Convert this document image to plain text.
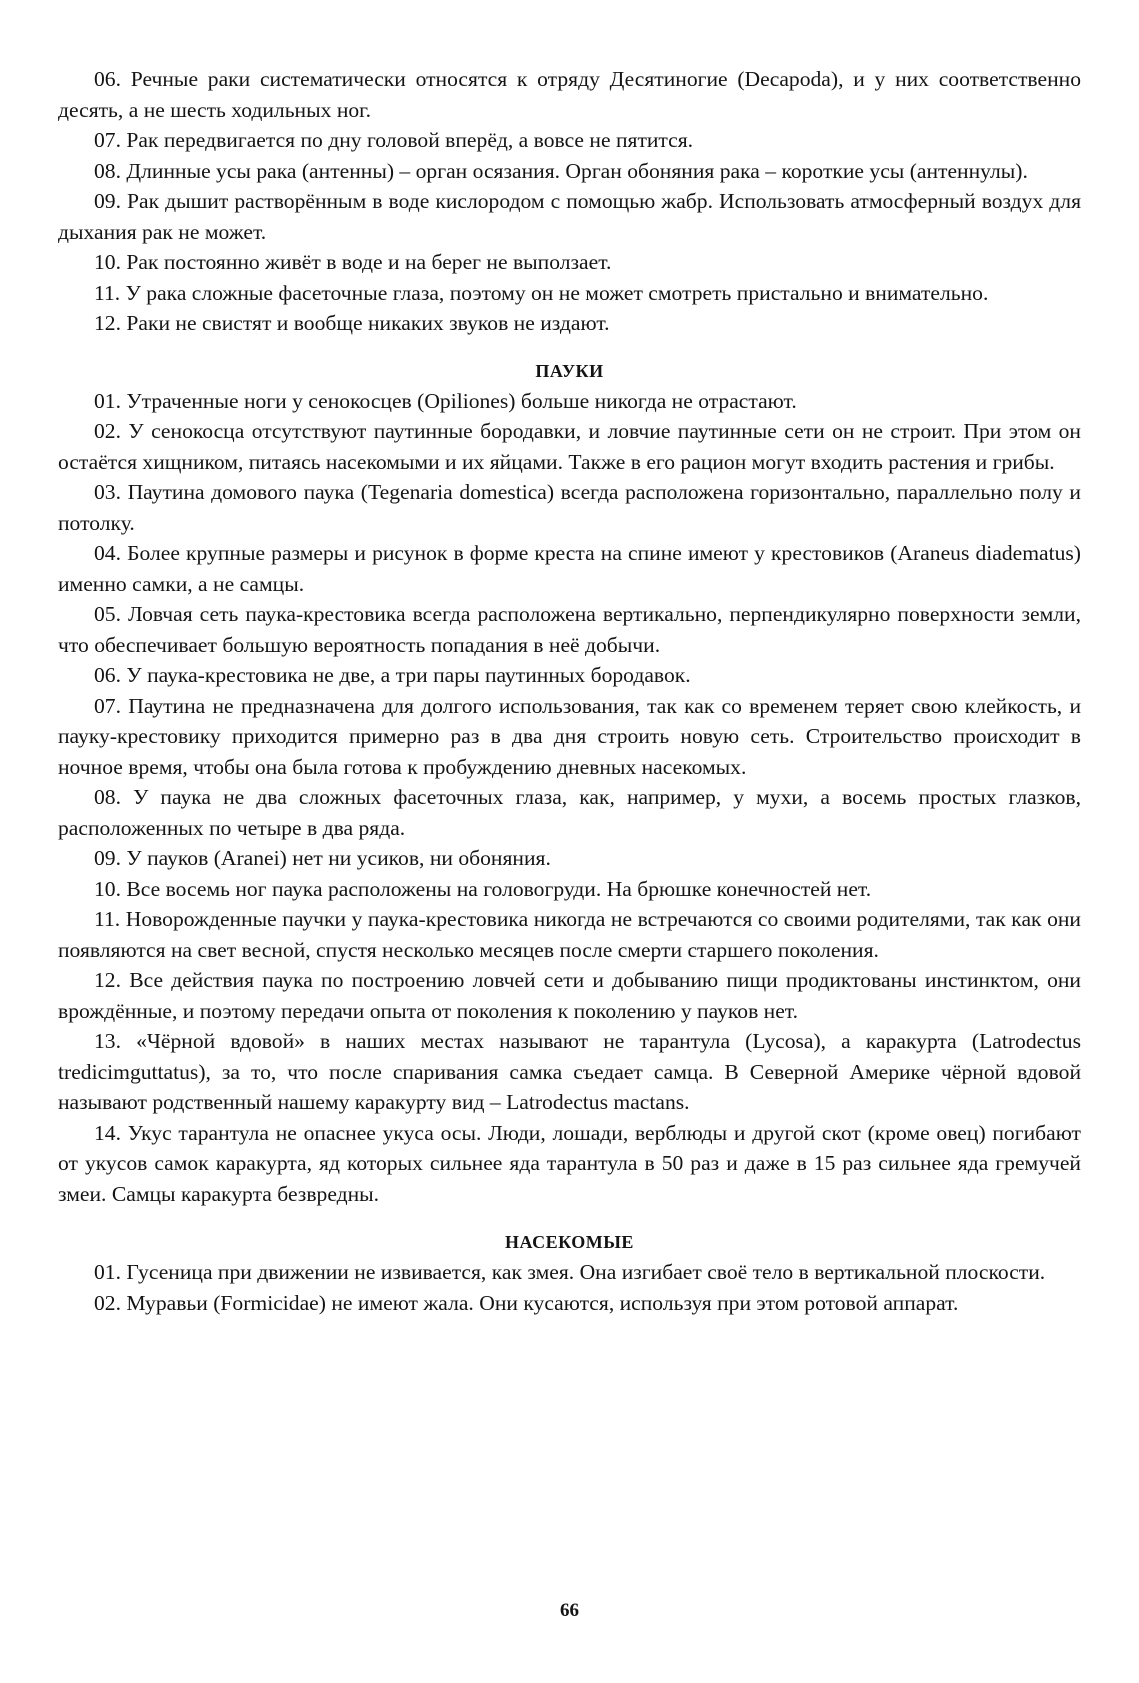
06. Речные раки систематически относятся к отряду Десятиногие (Decapoda), и у них соответственно десять, а не шесть ходильных ног.

07. Рак передвигается по дну головой вперёд, а вовсе не пятится.

08. Длинные усы рака (антенны) – орган осязания. Орган обоняния рака – короткие усы (антеннулы).

09. Рак дышит растворённым в воде кислородом с помощью жабр. Использовать атмосферный воздух для дыхания рак не может.

10. Рак постоянно живёт в воде и на берег не выползает.

11. У рака сложные фасеточные глаза, поэтому он не может смотреть пристально и внимательно.

12. Раки не свистят и вообще никаких звуков не издают.

ПАУКИ

01. Утраченные ноги у сенокосцев (Opiliones) больше никогда не отрастают.

02. У сенокосца отсутствуют паутинные бородавки, и ловчие паутинные сети он не строит. При этом он остаётся хищником, питаясь насекомыми и их яйцами. Также в его рацион могут входить растения и грибы.

03. Паутина домового паука (Tegenaria domestica) всегда расположена горизонтально, параллельно полу и потолку.

04. Более крупные размеры и рисунок в форме креста на спине имеют у крестовиков (Araneus diadematus) именно самки, а не самцы.

05. Ловчая сеть паука-крестовика всегда расположена вертикально, перпендикулярно поверхности земли, что обеспечивает большую вероятность попадания в неё добычи.

06. У паука-крестовика не две, а три пары паутинных бородавок.

07. Паутина не предназначена для долгого использования, так как со временем теряет свою клейкость, и пауку-крестовику приходится примерно раз в два дня строить новую сеть. Строительство происходит в ночное время, чтобы она была готова к пробуждению дневных насекомых.

08. У паука не два сложных фасеточных глаза, как, например, у мухи, а восемь простых глазков, расположенных по четыре в два ряда.

09. У пауков (Aranei) нет ни усиков, ни обоняния.

10. Все восемь ног паука расположены на головогруди. На брюшке конечностей нет.

11. Новорожденные паучки у паука-крестовика никогда не встречаются со своими родителями, так как они появляются на свет весной, спустя несколько месяцев после смерти старшего поколения.

12. Все действия паука по построению ловчей сети и добыванию пищи продиктованы инстинктом, они врождённые, и поэтому передачи опыта от поколения к поколению у пауков нет.

13. «Чёрной вдовой» в наших местах называют не тарантула (Lycosa), а каракурта (Latrodectus tredicimguttatus), за то, что после спаривания самка съедает самца. В Северной Америке чёрной вдовой называют родственный нашему каракурту вид – Latrodectus mactans.

14. Укус тарантула не опаснее укуса осы. Люди, лошади, верблюды и другой скот (кроме овец) погибают от укусов самок каракурта, яд которых сильнее яда тарантула в 50 раз и даже в 15 раз сильнее яда гремучей змеи. Самцы каракурта безвредны.

НАСЕКОМЫЕ

01. Гусеница при движении не извивается, как змея. Она изгибает своё тело в вертикальной плоскости.

02. Муравьи (Formicidae) не имеют жала. Они кусаются, используя при этом ротовой аппарат.

66
